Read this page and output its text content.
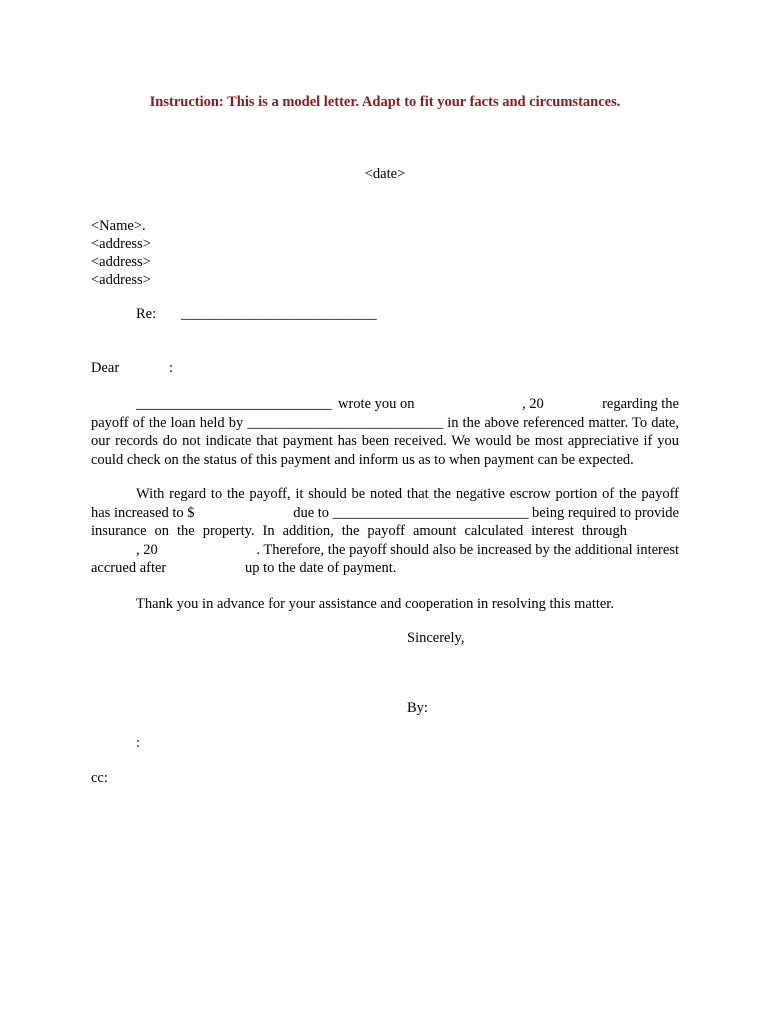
Instruction: This is a model letter. Adapt to fit your facts and circumstances.
<date>
<Name>.
<address>
<address>
<address>
Re: ___________________________
Dear	:
___________________________ wrote you on	, 20	regarding the
payoff of the loan held by ___________________________ in the above referenced matter. To date,
our records do not indicate that payment has been received. We would be most appreciative if you
could check on the status of this payment and inform us as to when payment can be expected.
With regard to the payoff, it should be noted that the negative escrow portion of the payoff
has increased to $	due to ___________________________ being required to provide
insurance on the property. In addition, the payoff amount calculated interest through
, 20	. Therefore, the payoff should also be increased by the additional interest
accrued after	up to the date of payment.
Thank you in advance for your assistance and cooperation in resolving this matter.
Sincerely,
By:
:
cc:
